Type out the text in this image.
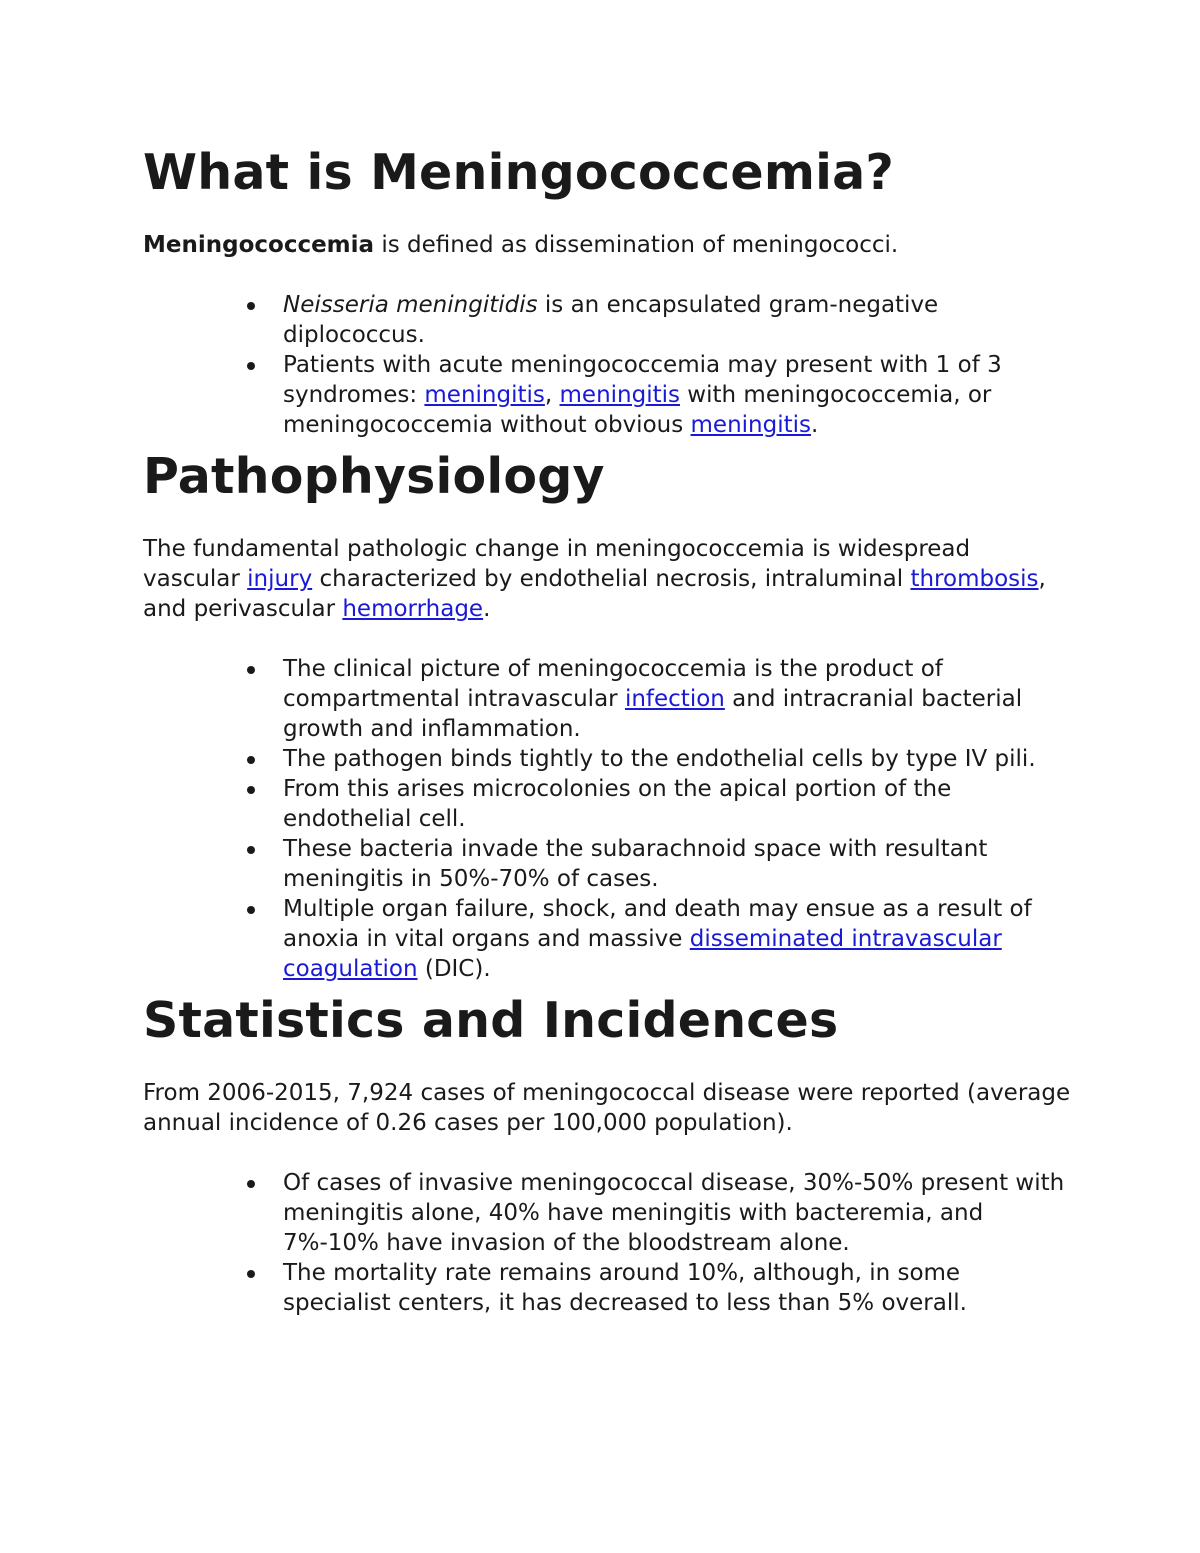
What is Meningococcemia?

Meningococcemia is defined as dissemination of meningococci.

Neisseria meningitidis is an encapsulated gram-negative diplococcus.
Patients with acute meningococcemia may present with 1 of 3 syndromes: meningitis, meningitis with meningococcemia, or meningococcemia without obvious meningitis.
Pathophysiology

The fundamental pathologic change in meningococcemia is widespread vascular injury characterized by endothelial necrosis, intraluminal thrombosis, and perivascular hemorrhage.

The clinical picture of meningococcemia is the product of compartmental intravascular infection and intracranial bacterial growth and inflammation.
The pathogen binds tightly to the endothelial cells by type IV pili.
From this arises microcolonies on the apical portion of the endothelial cell.
These bacteria invade the subarachnoid space with resultant meningitis in 50%-70% of cases.
Multiple organ failure, shock, and death may ensue as a result of anoxia in vital organs and massive disseminated intravascular coagulation (DIC).
Statistics and Incidences

From 2006-2015, 7,924 cases of meningococcal disease were reported (average annual incidence of 0.26 cases per 100,000 population).

Of cases of invasive meningococcal disease, 30%-50% present with meningitis alone, 40% have meningitis with bacteremia, and 7%-10% have invasion of the bloodstream alone.
The mortality rate remains around 10%, although, in some specialist centers, it has decreased to less than 5% overall.
